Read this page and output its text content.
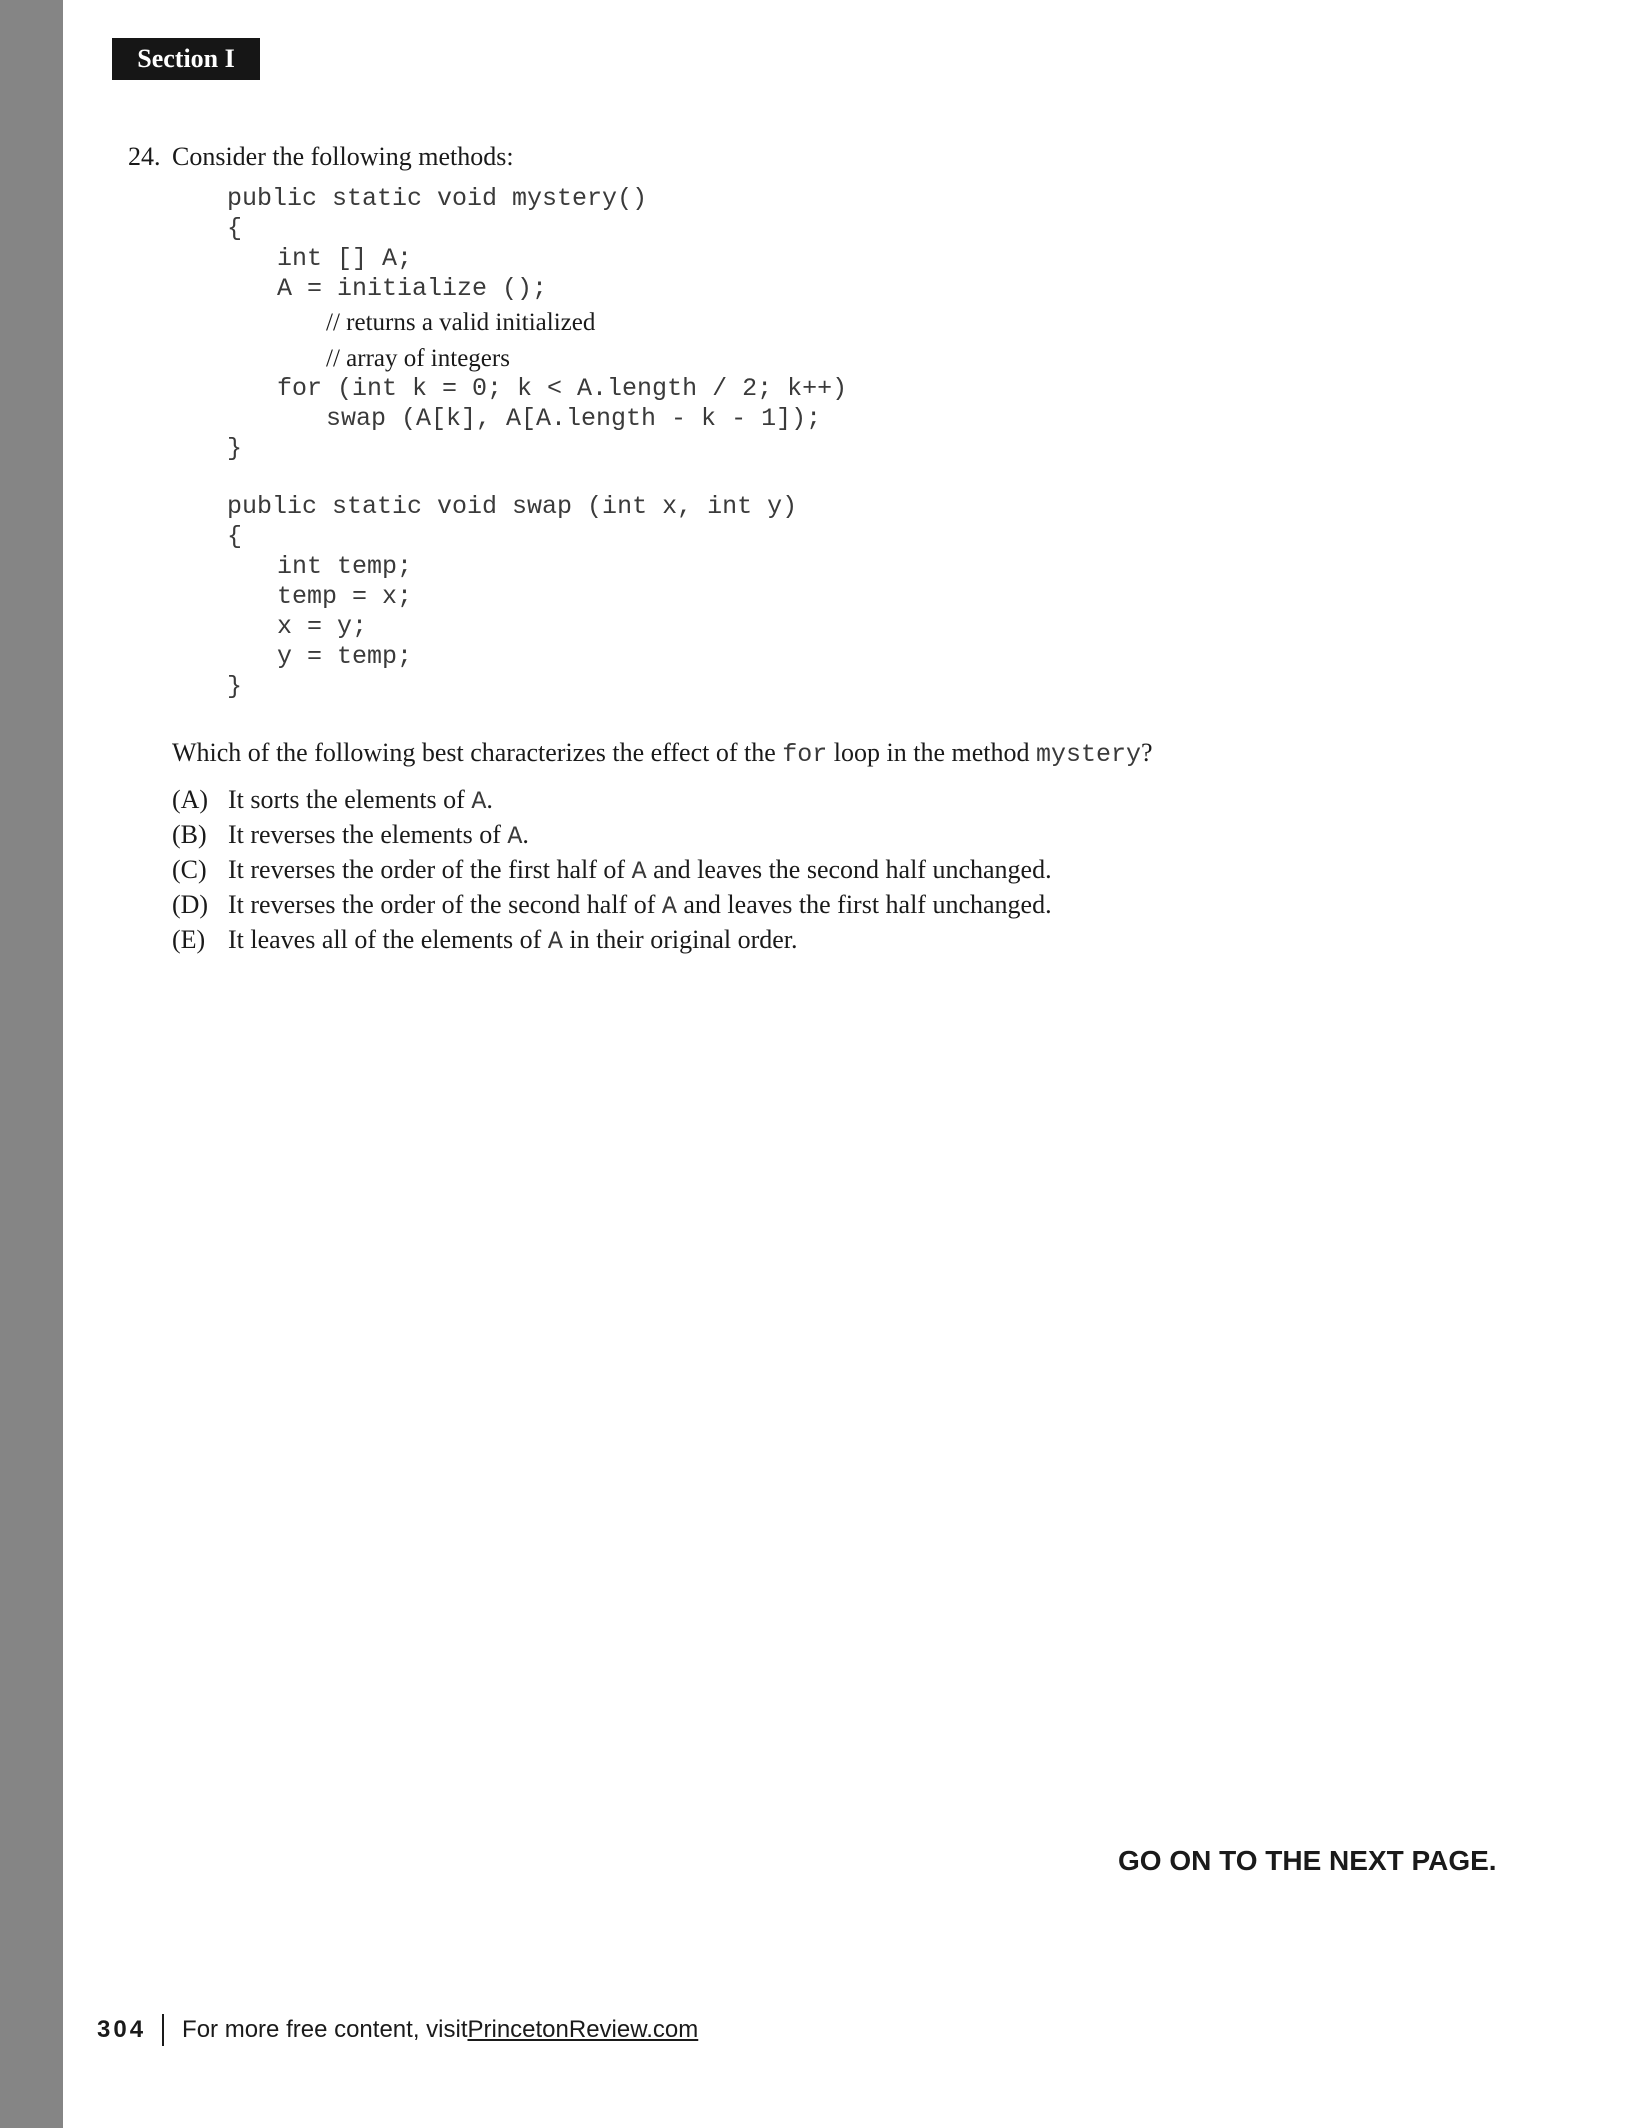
Section I
24. Consider the following methods:
public static void mystery()
{
int [] A;
A = initialize ();
// returns a valid initialized
// array of integers
for (int k = 0; k < A.length / 2; k++)
swap (A[k], A[A.length - k - 1]);
}
public static void swap (int x, int y)
{
int temp;
temp = x;
x = y;
y = temp;
}
Which of the following best characterizes the effect of the for loop in the method mystery?
(A) It sorts the elements of A.
(B) It reverses the elements of A.
(C) It reverses the order of the first half of A and leaves the second half unchanged.
(D) It reverses the order of the second half of A and leaves the first half unchanged.
(E) It leaves all of the elements of A in their original order.
GO ON TO THE NEXT PAGE.
304 For more free content, visit PrincetonReview.com
